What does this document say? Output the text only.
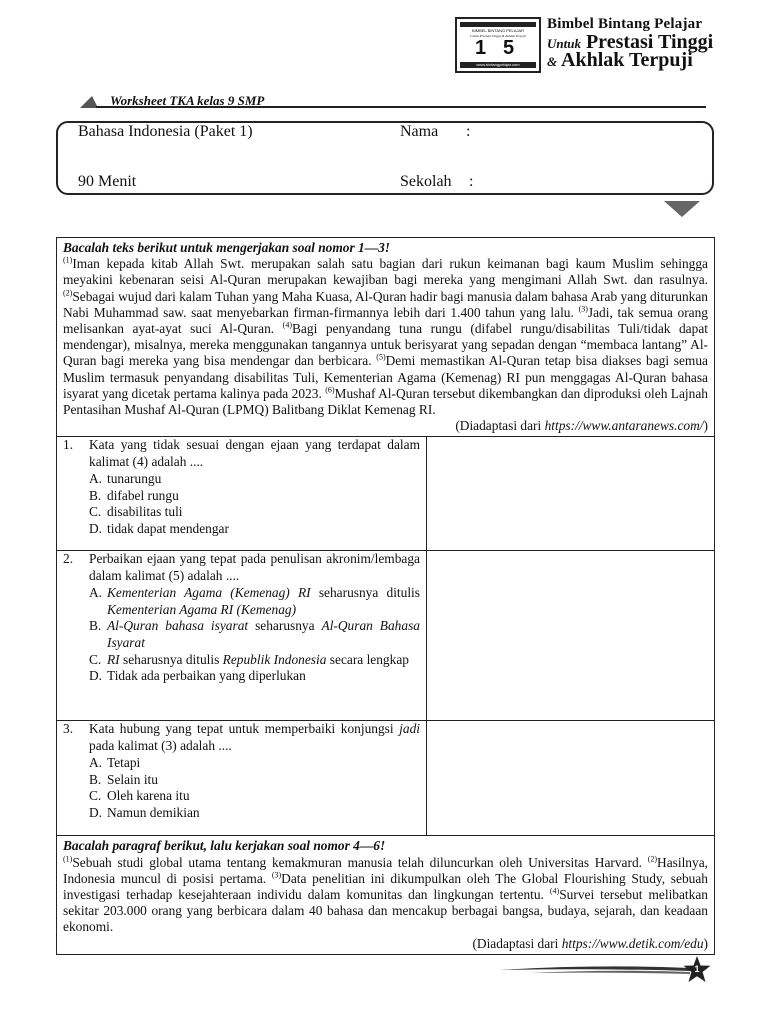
BIMBEL BINTANG PELAJAR
Untuk Prestasi Tinggi & Akhlak Terpuji
1 5
www.bintangpelajar.com
Bimbel Bintang Pelajar
Untuk Prestasi Tinggi
& Akhlak Terpuji
Worksheet TKA kelas 9 SMP
Bahasa Indonesia (Paket 1)
90 Menit
Nama :
Sekolah :
Bacalah teks berikut untuk mengerjakan soal nomor 1—3!
$^{(1)}$Iman kepada kitab Allah Swt. merupakan salah satu bagian dari rukun keimanan bagi kaum Muslim sehingga meyakini kebenaran seisi Al-Quran merupakan kewajiban bagi mereka yang mengimani Allah Swt. dan rasulnya. $^{(2)}$Sebagai wujud dari kalam Tuhan yang Maha Kuasa, Al-Quran hadir bagi manusia dalam bahasa Arab yang diturunkan Nabi Muhammad saw. saat menyebarkan firman-firmannya lebih dari 1.400 tahun yang lalu. $^{(3)}$Jadi, tak semua orang melisankan ayat-ayat suci Al-Quran. $^{(4)}$Bagi penyandang tuna rungu (difabel rungu/disabilitas Tuli/tidak dapat mendengar), misalnya, mereka menggunakan tangannya untuk berisyarat yang sepadan dengan “membaca lantang” Al-Quran bagi mereka yang bisa mendengar dan berbicara. $^{(5)}$Demi memastikan Al-Quran tetap bisa diakses bagi semua Muslim termasuk penyandang disabilitas Tuli, Kementerian Agama (Kemenag) RI pun menggagas Al-Quran bahasa isyarat yang dicetak pertama kalinya pada 2023. $^{(6)}$Mushaf Al-Quran tersebut dikembangkan dan diproduksi oleh Lajnah Pentasihan Mushaf Al-Quran (LPMQ) Balitbang Diklat Kemenag RI.
(Diadaptasi dari https://www.antaranews.com/)
1.	Kata yang tidak sesuai dengan ejaan yang terdapat dalam kalimat (4) adalah ....
A. tunarungu
B. difabel rungu
C. disabilitas tuli
D. tidak dapat mendengar
2.	Perbaikan ejaan yang tepat pada penulisan akronim/lembaga dalam kalimat (5) adalah ....
A. Kementerian Agama (Kemenag) RI seharusnya ditulis Kementerian Agama RI (Kemenag)
B. Al-Quran bahasa isyarat seharusnya Al-Quran Bahasa Isyarat
C. RI seharusnya ditulis Republik Indonesia secara lengkap
D. Tidak ada perbaikan yang diperlukan
3.	Kata hubung yang tepat untuk memperbaiki konjungsi jadi pada kalimat (3) adalah ....
A. Tetapi
B. Selain itu
C. Oleh karena itu
D. Namun demikian
Bacalah paragraf berikut, lalu kerjakan soal nomor 4—6!
$^{(1)}$Sebuah studi global utama tentang kemakmuran manusia telah diluncurkan oleh Universitas Harvard. $^{(2)}$Hasilnya, Indonesia muncul di posisi pertama. $^{(3)}$Data penelitian ini dikumpulkan oleh The Global Flourishing Study, sebuah investigasi terhadap kesejahteraan individu dalam komunitas dan lingkungan tertentu. $^{(4)}$Survei tersebut melibatkan sekitar 203.000 orang yang berbicara dalam 40 bahasa dan mencakup berbagai bangsa, budaya, sejarah, dan keadaan ekonomi.
(Diadaptasi dari https://www.detik.com/edu)
1
